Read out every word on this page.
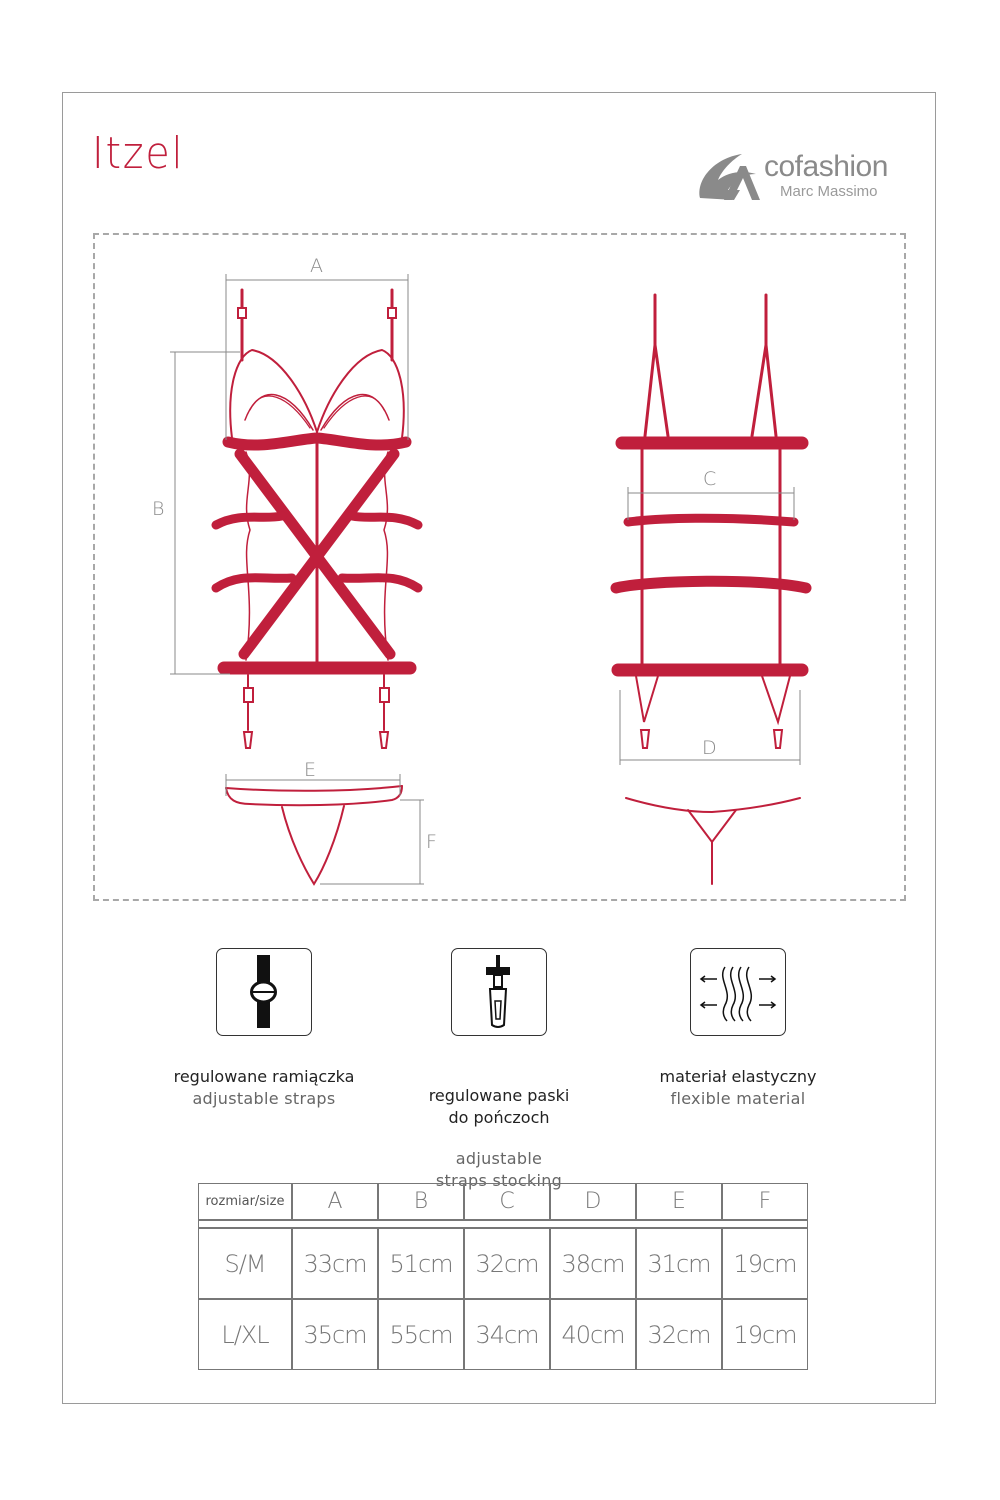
Itzel	cofashion
Marc Massimo
A
B
C
D
E
F
regulowane ramiączka
adjustable straps	regulowane paski
do pończoch

adjustable
straps stocking

materiał elastyczny
flexible material
rozmiar/size	A	B	C	D	E	F

S/M	33cm	51cm	32cm	38cm	31cm	19cm
L/XL	35cm	55cm	34cm	40cm	32cm	19cm
